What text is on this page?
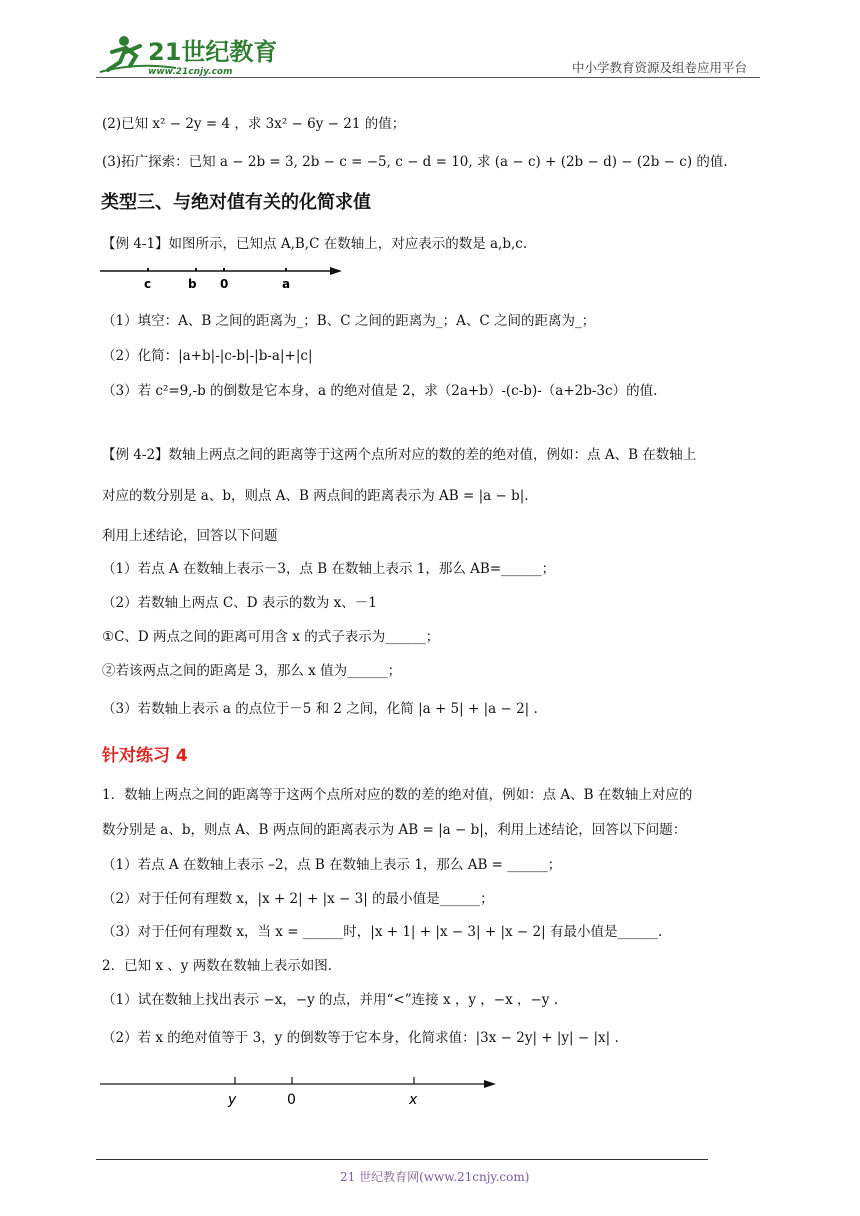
21世纪教育
www.21cnjy.com	中小学教育资源及组卷应用平台
(2)已知 x² − 2y = 4 ，求 3x² − 6y − 21 的值；
(3)拓广探索：已知 a − 2b = 3, 2b − c = −5, c − d = 10, 求 (a − c) + (2b − d) − (2b − c) 的值.
类型三、与绝对值有关的化简求值
【例 4-1】如图所示，已知点 A,B,C 在数轴上，对应表示的数是 a,b,c.
c	b 0	a
（1）填空：A、B 之间的距离为_；B、C 之间的距离为_；A、C 之间的距离为_；
（2）化简：|a+b|-|c-b|-|b-a|+|c|
（3）若 c²=9,-b 的倒数是它本身，a 的绝对值是 2，求（2a+b）-(c-b)-（a+2b-3c）的值.
【例 4-2】数轴上两点之间的距离等于这两个点所对应的数的差的绝对值，例如：点 A、B 在数轴上
对应的数分别是 a、b，则点 A、B 两点间的距离表示为 AB = |a − b|.
利用上述结论，回答以下问题
（1）若点 A 在数轴上表示－3，点 B 在数轴上表示 1，那么 AB=______；
（2）若数轴上两点 C、D 表示的数为 x、－1
①C、D 两点之间的距离可用含 x 的式子表示为______；
②若该两点之间的距离是 3，那么 x 值为______；
（3）若数轴上表示 a 的点位于－5 和 2 之间，化简 |a + 5| + |a − 2| .
针对练习 4
1．数轴上两点之间的距离等于这两个点所对应的数的差的绝对值，例如：点 A、B 在数轴上对应的
数分别是 a、b，则点 A、B 两点间的距离表示为 AB = |a − b|，利用上述结论，回答以下问题：
（1）若点 A 在数轴上表示 –2，点 B 在数轴上表示 1，那么 AB = ______；
（2）对于任何有理数 x，|x + 2| + |x − 3| 的最小值是______；
（3）对于任何有理数 x，当 x = ______时，|x + 1| + |x − 3| + |x − 2| 有最小值是______.
2．已知 x 、y 两数在数轴上表示如图.
（1）试在数轴上找出表示 −x，−y 的点，并用“<”连接 x ，y ，−x ，−y .
（2）若 x 的绝对值等于 3，y 的倒数等于它本身，化简求值：|3x − 2y| + |y| − |x| .
y	0	x
21 世纪教育网(www.21cnjy.com)
